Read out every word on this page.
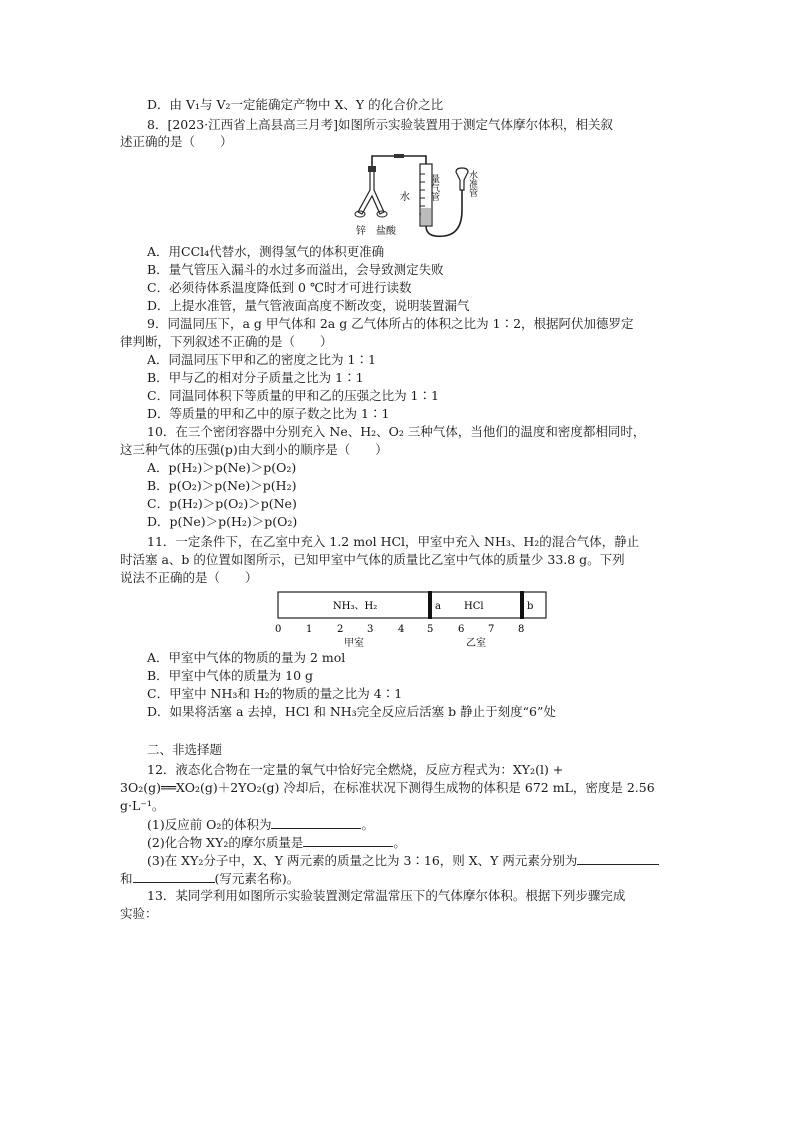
D．由 V₁与 V₂一定能确定产物中 X、Y 的化合价之比
8．[2023·江西省上高县高三月考]如图所示实验装置用于测定气体摩尔体积，相关叙
述正确的是（　　）
锌 盐酸
水 量气管	水准管
A．用CCl₄代替水，测得氢气的体积更准确
B．量气管压入漏斗的水过多而溢出，会导致测定失败
C．必须待体系温度降低到 0 ℃时才可进行读数
D．上提水准管，量气管液面高度不断改变，说明装置漏气
9．同温同压下，a g 甲气体和 2a g 乙气体所占的体积之比为 1∶2，根据阿伏加德罗定
律判断，下列叙述不正确的是（　　）
A．同温同压下甲和乙的密度之比为 1∶1
B．甲与乙的相对分子质量之比为 1∶1
C．同温同体积下等质量的甲和乙的压强之比为 1∶1
D．等质量的甲和乙中的原子数之比为 1∶1
10．在三个密闭容器中分别充入 Ne、H₂、O₂ 三种气体，当他们的温度和密度都相同时，
这三种气体的压强(p)由大到小的顺序是（　　）
A．p(H₂)＞p(Ne)＞p(O₂)
B．p(O₂)＞p(Ne)＞p(H₂)
C．p(H₂)＞p(O₂)＞p(Ne)
D．p(Ne)＞p(H₂)＞p(O₂)
11．一定条件下，在乙室中充入 1.2 mol HCl，甲室中充入 NH₃、H₂的混合气体，静止
时活塞 a、b 的位置如图所示，已知甲室中气体的质量比乙室中气体的质量少 33.8 g。下列
说法不正确的是（　　）
NH₃、H₂	HCl
a	b
0 1 2 3 4 5 6 7 8
甲室	乙室
A．甲室中气体的物质的量为 2 mol
B．甲室中气体的质量为 10 g
C．甲室中 NH₃和 H₂的物质的量之比为 4∶1
D．如果将活塞 a 去掉，HCl 和 NH₃完全反应后活塞 b 静止于刻度“6”处
二、非选择题
12．液态化合物在一定量的氧气中恰好完全燃烧，反应方程式为：XY₂(l) +
3O₂(g)══XO₂(g)＋2YO₂(g) 冷却后，在标准状况下测得生成物的体积是 672 mL，密度是 2.56
g·L⁻¹。
(1)反应前 O₂的体积为	。
(2)化合物 XY₂的摩尔质量是	。
(3)在 XY₂分子中，X、Y 两元素的质量之比为 3∶16，则 X、Y 两元素分别为
和	(写元素名称)。
13．某同学利用如图所示实验装置测定常温常压下的气体摩尔体积。根据下列步骤完成
实验：
